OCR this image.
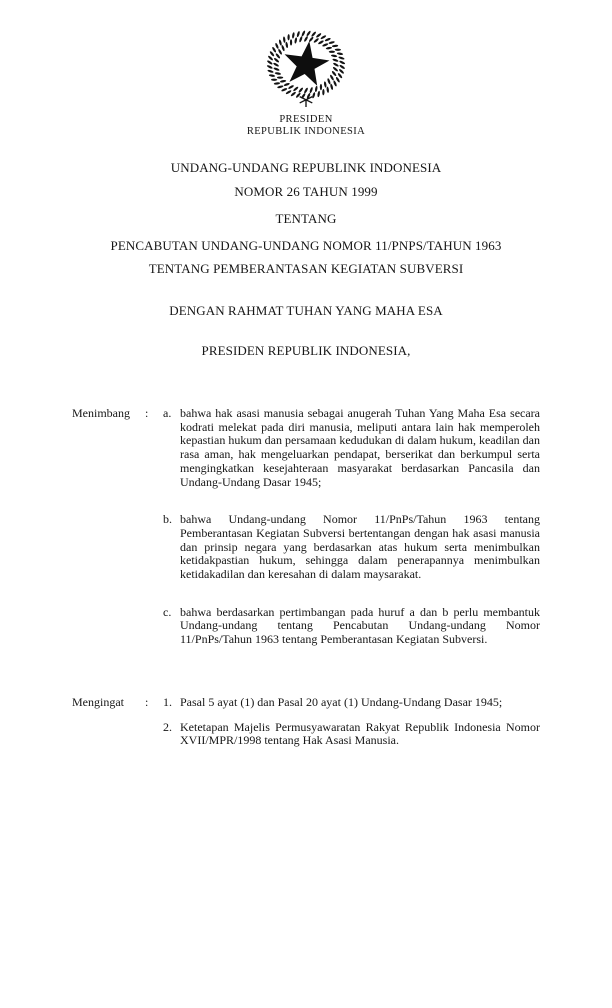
PRESIDEN
REPUBLIK INDONESIA
UNDANG-UNDANG REPUBLINK INDONESIA
NOMOR 26 TAHUN 1999
TENTANG
PENCABUTAN UNDANG-UNDANG NOMOR 11/PNPS/TAHUN 1963
TENTANG PEMBERANTASAN KEGIATAN SUBVERSI
DENGAN RAHMAT TUHAN YANG MAHA ESA
PRESIDEN REPUBLIK INDONESIA,
Menimbang	:	a. bahwa hak asasi manusia sebagai anugerah Tuhan Yang Maha Esa secara kodrati melekat pada diri manusia, meliputi antara lain hak memperoleh kepastian hukum dan persamaan kedudukan di dalam hukum, keadilan dan rasa aman, hak mengeluarkan pendapat, berserikat dan berkumpul serta mengingkatkan kesejahteraan masyarakat berdasarkan Pancasila dan Undang-Undang Dasar 1945;
b. bahwa Undang-undang Nomor 11/PnPs/Tahun 1963 tentang Pemberantasan Kegiatan Subversi bertentangan dengan hak asasi manusia dan prinsip negara yang berdasarkan atas hukum serta menimbulkan ketidakpastian hukum, sehingga dalam penerapannya menimbulkan ketidakadilan dan keresahan di dalam maysarakat.
c. bahwa berdasarkan pertimbangan pada huruf a dan b perlu membantuk Undang-undang tentang Pencabutan Undang-undang Nomor 11/PnPs/Tahun 1963 tentang Pemberantasan Kegiatan Subversi.
Mengingat	:	1. Pasal 5 ayat (1) dan Pasal 20 ayat (1) Undang-Undang Dasar 1945;
2. Ketetapan Majelis Permusyawaratan Rakyat Republik Indonesia Nomor XVII/MPR/1998 tentang Hak Asasi Manusia.
